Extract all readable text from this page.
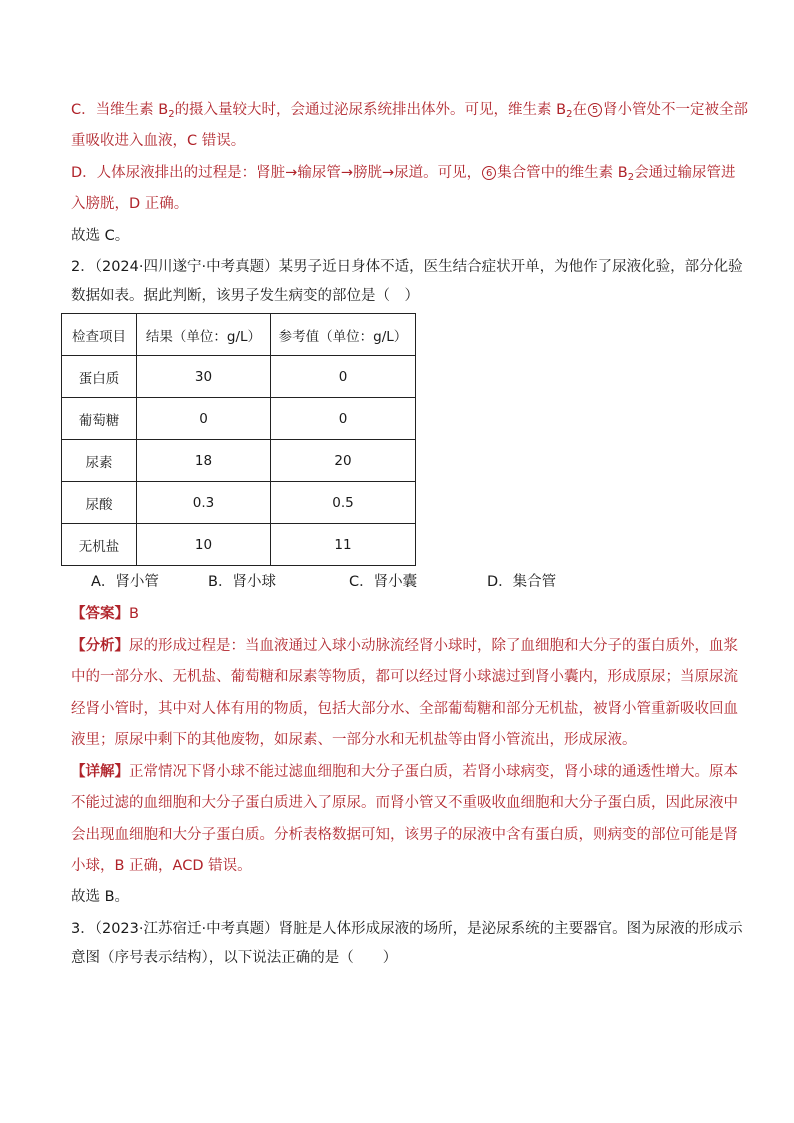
C．当维生素 $B_2$的摄入量较大时，会通过泌尿系统排出体外。可见，维生素 $B_2$在 5 肾小管处不一定被全部
重吸收进入血液，C 错误。
D．人体尿液排出的过程是：肾脏→输尿管→膀胱→尿道。可见， 6 集合管中的维生素 $B_2$会通过输尿管进
入膀胱，D 正确。
故选 C。
2．（2024·四川遂宁·中考真题）某男子近日身体不适，医生结合症状开单，为他作了尿液化验，部分化验
数据如表。据此判断，该男子发生病变的部位是（　）
检查项目	结果（单位：g/L）	参考值（单位：g/L）
蛋白质	30	0
葡萄糖	0	0
尿素	18	20
尿酸	0.3	0.5
无机盐	10	11
A．肾小管	B．肾小球	C．肾小囊	D．集合管
【答案】B
【分析】尿的形成过程是：当血液通过入球小动脉流经肾小球时，除了血细胞和大分子的蛋白质外，血浆
中的一部分水、无机盐、葡萄糖和尿素等物质，都可以经过肾小球滤过到肾小囊内，形成原尿；当原尿流
经肾小管时，其中对人体有用的物质，包括大部分水、全部葡萄糖和部分无机盐，被肾小管重新吸收回血
液里；原尿中剩下的其他废物，如尿素、一部分水和无机盐等由肾小管流出，形成尿液。
【详解】正常情况下肾小球不能过滤血细胞和大分子蛋白质，若肾小球病变，肾小球的通透性增大。原本
不能过滤的血细胞和大分子蛋白质进入了原尿。而肾小管又不重吸收血细胞和大分子蛋白质，因此尿液中
会出现血细胞和大分子蛋白质。分析表格数据可知，该男子的尿液中含有蛋白质，则病变的部位可能是肾
小球，B 正确，ACD 错误。
故选 B。
3．（2023·江苏宿迁·中考真题）肾脏是人体形成尿液的场所，是泌尿系统的主要器官。图为尿液的形成示
意图（序号表示结构），以下说法正确的是（　　）
